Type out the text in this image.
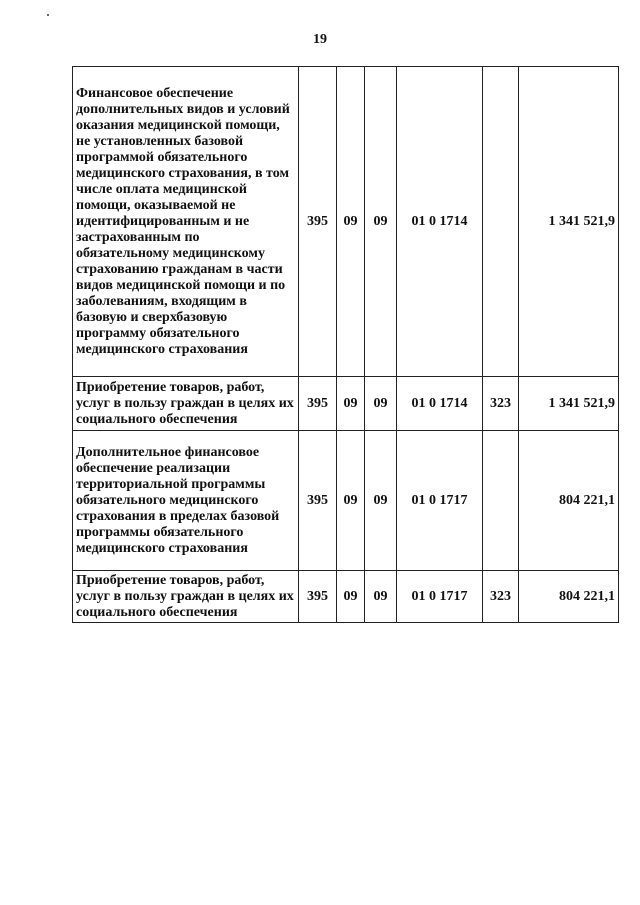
19
Финансовое обеспечение дополнительных видов и условий оказания медицинской помощи, не установленных базовой программой обязательного медицинского страхования, в том числе оплата медицинской помощи, оказываемой не идентифицированным и не застрахованным по обязательному медицинскому страхованию гражданам в части видов медицинской помощи и по заболеваниям, входящим в базовую и сверхбазовую программу обязательного медицинского страхования	395	09	09	01 0 1714		1 341 521,9
Приобретение товаров, работ, услуг в пользу граждан в целях их социального обеспечения	395	09	09	01 0 1714	323	1 341 521,9
Дополнительное финансовое обеспечение реализации территориальной программы обязательного медицинского страхования в пределах базовой программы обязательного медицинского страхования	395	09	09	01 0 1717		804 221,1
Приобретение товаров, работ, услуг в пользу граждан в целях их социального обеспечения	395	09	09	01 0 1717	323	804 221,1
